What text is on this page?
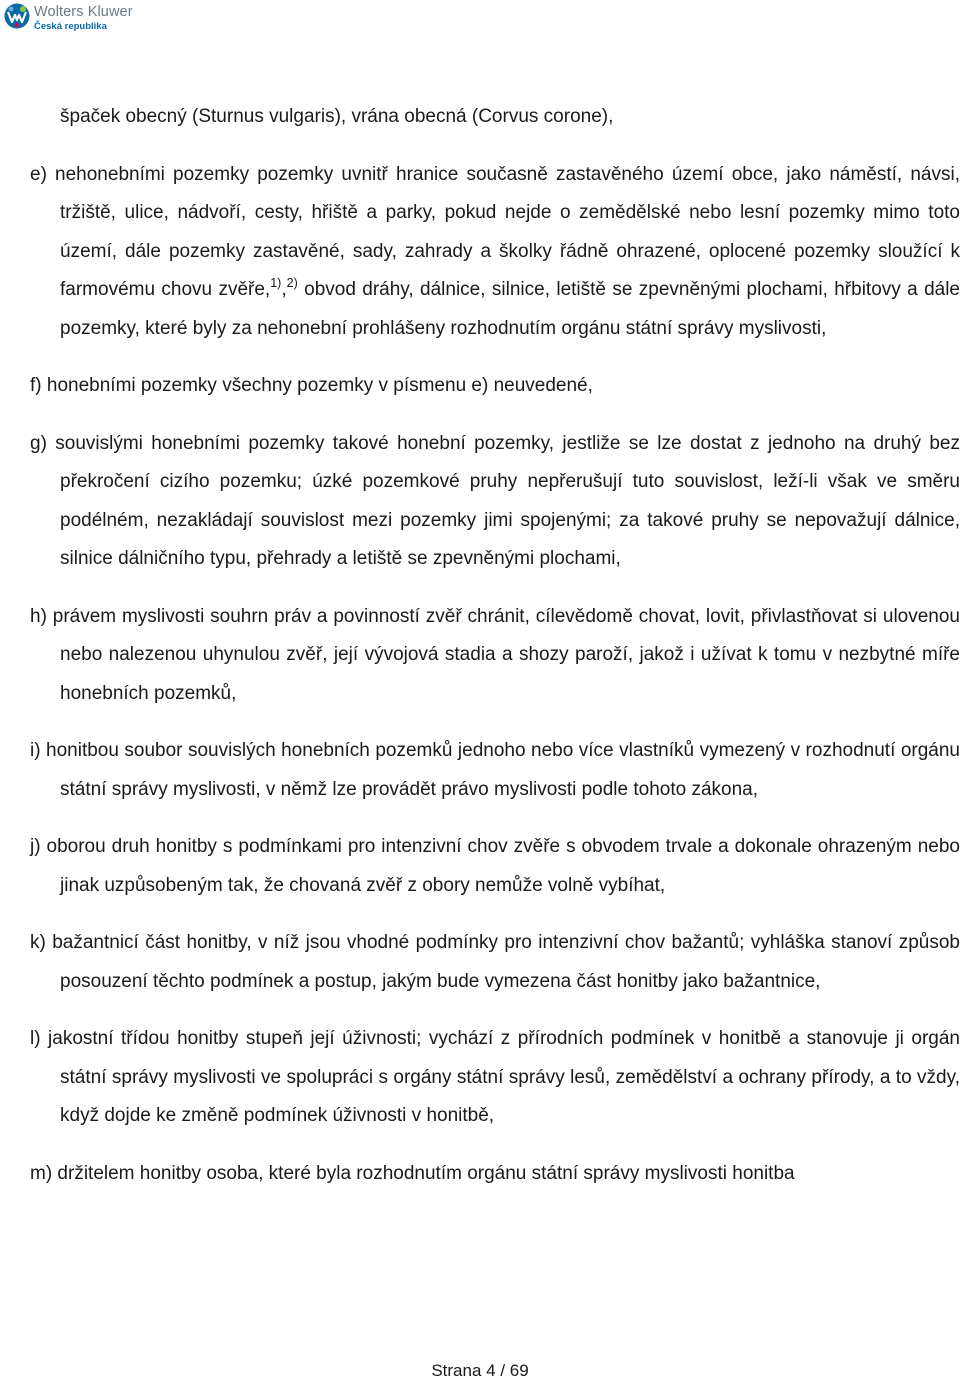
Wolters Kluwer
Česká republika

špaček obecný (Sturnus vulgaris), vrána obecná (Corvus corone),

e) nehonebními pozemky pozemky uvnitř hranice současně zastavěného území obce, jako náměstí, návsi, tržiště, ulice, nádvoří, cesty, hřiště a parky, pokud nejde o zemědělské nebo lesní pozemky mimo toto území, dále pozemky zastavěné, sady, zahrady a školky řádně ohrazené, oplocené pozemky sloužící k farmovému chovu zvěře,$^{1)}$,$^{2)}$ obvod dráhy, dálnice, silnice, letiště se zpevněnými plochami, hřbitovy a dále pozemky, které byly za nehonební prohlášeny rozhodnutím orgánu státní správy myslivosti,

f) honebními pozemky všechny pozemky v písmenu e) neuvedené,

g) souvislými honebními pozemky takové honební pozemky, jestliže se lze dostat z jednoho na druhý bez překročení cizího pozemku; úzké pozemkové pruhy nepřerušují tuto souvislost, leží-li však ve směru podélném, nezakládají souvislost mezi pozemky jimi spojenými; za takové pruhy se nepovažují dálnice, silnice dálničního typu, přehrady a letiště se zpevněnými plochami,

h) právem myslivosti souhrn práv a povinností zvěř chránit, cílevědomě chovat, lovit, přivlastňovat si ulovenou nebo nalezenou uhynulou zvěř, její vývojová stadia a shozy paroží, jakož i užívat k tomu v nezbytné míře honebních pozemků,

i) honitbou soubor souvislých honebních pozemků jednoho nebo více vlastníků vymezený v rozhodnutí orgánu státní správy myslivosti, v němž lze provádět právo myslivosti podle tohoto zákona,

j) oborou druh honitby s podmínkami pro intenzivní chov zvěře s obvodem trvale a dokonale ohrazeným nebo jinak uzpůsobeným tak, že chovaná zvěř z obory nemůže volně vybíhat,

k) bažantnicí část honitby, v níž jsou vhodné podmínky pro intenzivní chov bažantů; vyhláška stanoví způsob posouzení těchto podmínek a postup, jakým bude vymezena část honitby jako bažantnice,

l) jakostní třídou honitby stupeň její úživnosti; vychází z přírodních podmínek v honitbě a stanovuje ji orgán státní správy myslivosti ve spolupráci s orgány státní správy lesů, zemědělství a ochrany přírody, a to vždy, když dojde ke změně podmínek úživnosti v honitbě,

m) držitelem honitby osoba, které byla rozhodnutím orgánu státní správy myslivosti honitba

Strana 4 / 69
